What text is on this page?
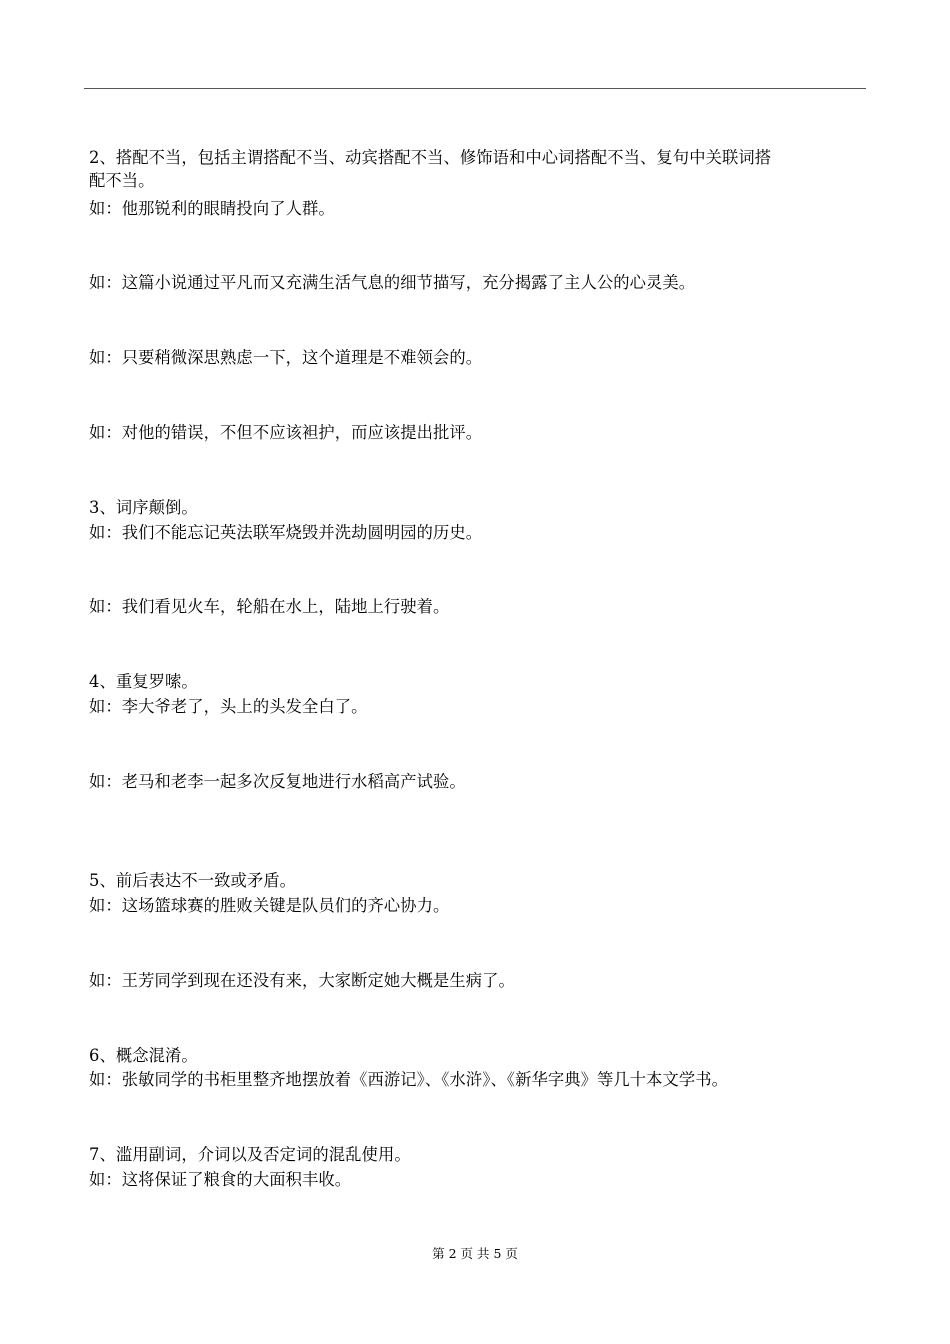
2、搭配不当，包括主谓搭配不当、动宾搭配不当、修饰语和中心词搭配不当、复句中关联词搭
配不当。
如：他那锐利的眼睛投向了人群。
如：这篇小说通过平凡而又充满生活气息的细节描写，充分揭露了主人公的心灵美。
如：只要稍微深思熟虑一下，这个道理是不难领会的。
如：对他的错误，不但不应该袒护，而应该提出批评。
3、词序颠倒。
如：我们不能忘记英法联军烧毁并洗劫圆明园的历史。
如：我们看见火车，轮船在水上，陆地上行驶着。
4、重复罗嗦。
如：李大爷老了，头上的头发全白了。
如：老马和老李一起多次反复地进行水稻高产试验。
5、前后表达不一致或矛盾。
如：这场篮球赛的胜败关键是队员们的齐心协力。
如：王芳同学到现在还没有来，大家断定她大概是生病了。
6、概念混淆。
如：张敏同学的书柜里整齐地摆放着《西游记》、《水浒》、《新华字典》等几十本文学书。
7、滥用副词，介词以及否定词的混乱使用。
如：这将保证了粮食的大面积丰收。
第 2 页 共 5 页
